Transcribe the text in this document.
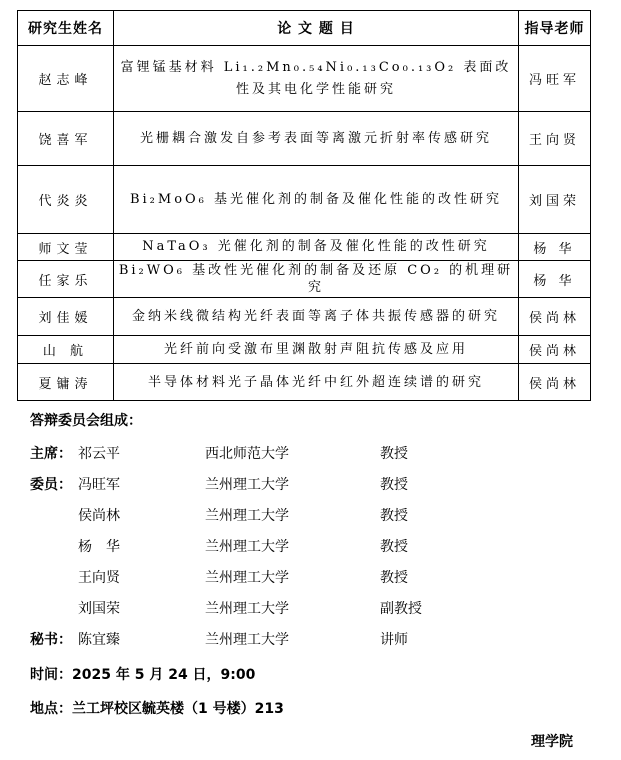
研究生姓名	论 文 题 目	指导老师
赵志峰	富锂锰基材料 Li₁.₂Mn₀.₅₄Ni₀.₁₃Co₀.₁₃O₂ 表面改性及其电化学性能研究	冯旺军
饶喜军	光栅耦合激发自参考表面等离激元折射率传感研究	王向贤
代炎炎	Bi₂MoO₆ 基光催化剂的制备及催化性能的改性研究	刘国荣
师文莹	NaTaO₃ 光催化剂的制备及催化性能的改性研究	杨 华
任家乐	Bi₂WO₆ 基改性光催化剂的制备及还原 CO₂ 的机理研究	杨 华
刘佳媛	金纳米线微结构光纤表面等离子体共振传感器的研究	侯尚林
山 航	光纤前向受激布里渊散射声阻抗传感及应用	侯尚林
夏镛涛	半导体材料光子晶体光纤中红外超连续谱的研究	侯尚林
答辩委员会组成：
主席： 祁云平	西北师范大学	教授
委员： 冯旺军	兰州理工大学	教授
侯尚林	兰州理工大学	教授
杨　华	兰州理工大学	教授
王向贤	兰州理工大学	教授
刘国荣	兰州理工大学	副教授
秘书： 陈宜臻	兰州理工大学	讲师
时间：2025 年 5 月 24 日，9:00
地点：兰工坪校区毓英楼（1 号楼）213
理学院
